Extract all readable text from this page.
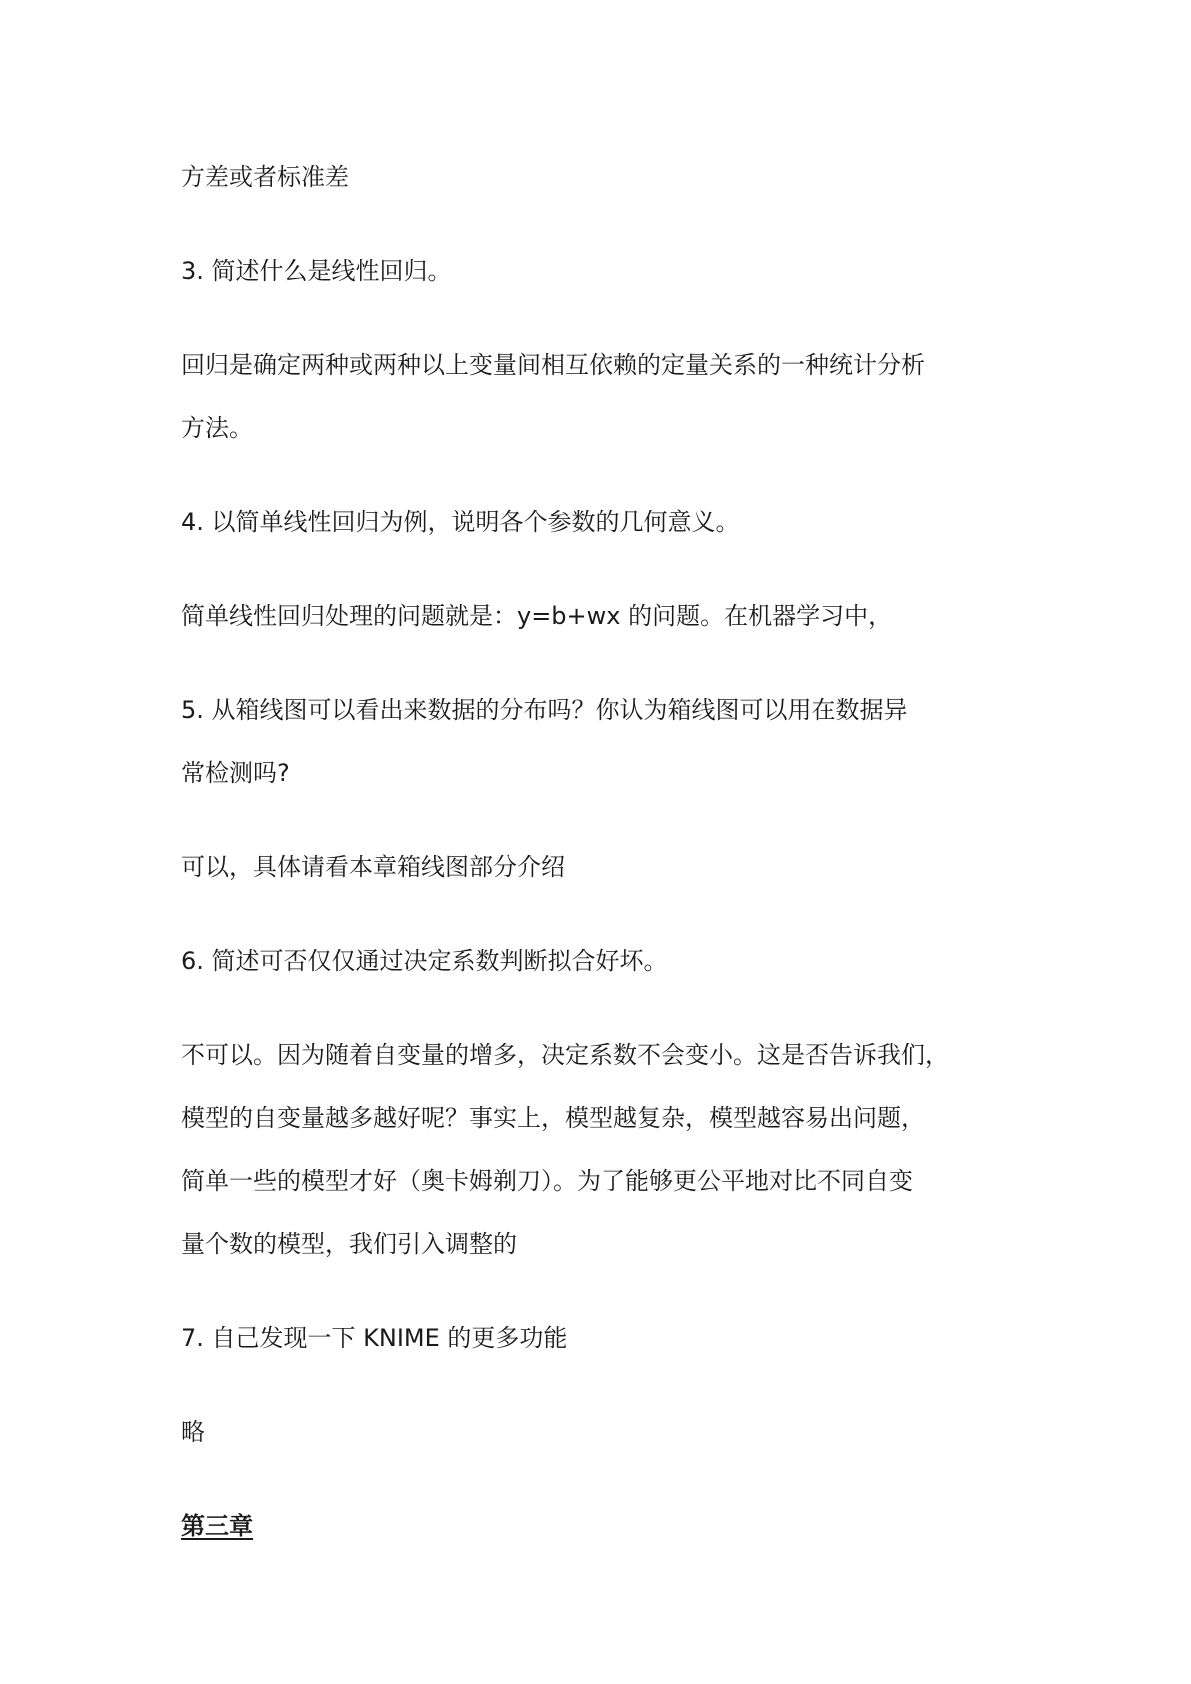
方差或者标准差
3. 简述什么是线性回归。
回归是确定两种或两种以上变量间相互依赖的定量关系的一种统计分析
方法。
4. 以简单线性回归为例，说明各个参数的几何意义。
简单线性回归处理的问题就是：y=b+wx 的问题。在机器学习中，
5. 从箱线图可以看出来数据的分布吗？你认为箱线图可以用在数据异
常检测吗?
可以，具体请看本章箱线图部分介绍
6. 简述可否仅仅通过决定系数判断拟合好坏。
不可以。因为随着自变量的增多，决定系数不会变小。这是否告诉我们，
模型的自变量越多越好呢？事实上，模型越复杂，模型越容易出问题，
简单一些的模型才好（奥卡姆剃刀）。为了能够更公平地对比不同自变
量个数的模型，我们引入调整的
7. 自己发现一下 KNIME 的更多功能
略
第三章
